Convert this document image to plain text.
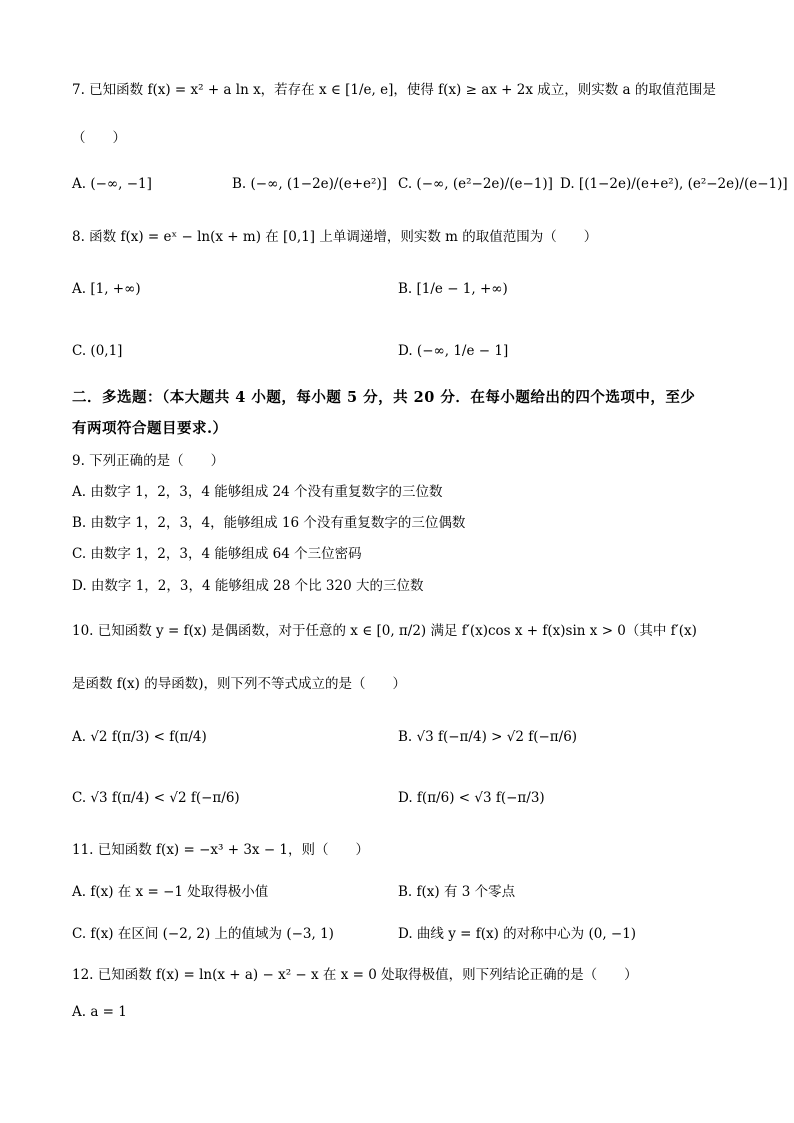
7. 已知函数 f(x) = x² + a ln x，若存在 x ∈ [1/e, e]，使得 f(x) ≥ ax + 2x 成立，则实数 a 的取值范围是
（　　）
A. (−∞, −1]	B. (−∞, (1−2e)/(e+e²)] C. (−∞, (e²−2e)/(e−1)] D. [(1−2e)/(e+e²), (e²−2e)/(e−1)]
8. 函数 f(x) = eˣ − ln(x + m) 在 [0,1] 上单调递增，则实数 m 的取值范围为（　　）
A. [1, +∞)	B. [1/e − 1, +∞)
C. (0,1]	D. (−∞, 1/e − 1]
二．多选题：（本大题共 4 小题，每小题 5 分，共 20 分．在每小题给出的四个选项中，至少
有两项符合题目要求.）
9. 下列正确的是（　　）
A. 由数字 1，2，3，4 能够组成 24 个没有重复数字的三位数
B. 由数字 1，2，3，4，能够组成 16 个没有重复数字的三位偶数
C. 由数字 1，2，3，4 能够组成 64 个三位密码
D. 由数字 1，2，3，4 能够组成 28 个比 320 大的三位数
10. 已知函数 y = f(x) 是偶函数，对于任意的 x ∈ [0, π/2) 满足 f′(x)cos x + f(x)sin x > 0（其中 f′(x)
是函数 f(x) 的导函数)，则下列不等式成立的是（　　）
A. √2 f(π/3) < f(π/4)	B. √3 f(−π/4) > √2 f(−π/6)
C. √3 f(π/4) < √2 f(−π/6)	D. f(π/6) < √3 f(−π/3)
11. 已知函数 f(x) = −x³ + 3x − 1，则（　　）
A. f(x) 在 x = −1 处取得极小值	B. f(x) 有 3 个零点
C. f(x) 在区间 (−2, 2) 上的值域为 (−3, 1)	D. 曲线 y = f(x) 的对称中心为 (0, −1)
12. 已知函数 f(x) = ln(x + a) − x² − x 在 x = 0 处取得极值，则下列结论正确的是（　　）
A. a = 1
